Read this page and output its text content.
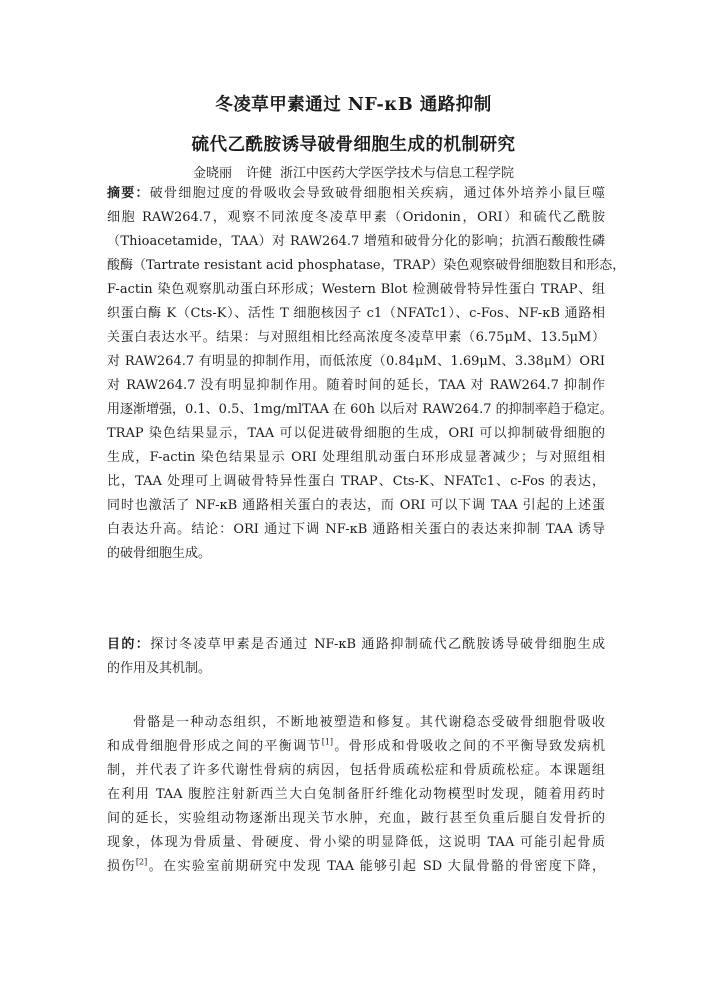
冬凌草甲素通过 NF-κB 通路抑制
硫代乙酰胺诱导破骨细胞生成的机制研究
金晓丽 许健 浙江中医药大学医学技术与信息工程学院
摘要：破骨细胞过度的骨吸收会导致破骨细胞相关疾病，通过体外培养小鼠巨噬
细胞 RAW264.7，观察不同浓度冬凌草甲素（Oridonin，ORI）和硫代乙酰胺
（Thioacetamide，TAA）对 RAW264.7 增殖和破骨分化的影响；抗酒石酸酸性磷
酸酶（Tartrate resistant acid phosphatase，TRAP）染色观察破骨细胞数目和形态，
F-actin 染色观察肌动蛋白环形成；Western Blot 检测破骨特异性蛋白 TRAP、组
织蛋白酶 K（Cts-K）、活性 T 细胞核因子 c1（NFATc1）、c-Fos、NF-κB 通路相
关蛋白表达水平。结果：与对照组相比经高浓度冬凌草甲素（6.75μM、13.5μM）
对 RAW264.7 有明显的抑制作用，而低浓度（0.84μM、1.69μM、3.38μM）ORI
对 RAW264.7 没有明显抑制作用。随着时间的延长，TAA 对 RAW264.7 抑制作
用逐渐增强，0.1、0.5、1mg/mlTAA 在 60h 以后对 RAW264.7 的抑制率趋于稳定。
TRAP 染色结果显示，TAA 可以促进破骨细胞的生成，ORI 可以抑制破骨细胞的
生成，F-actin 染色结果显示 ORI 处理组肌动蛋白环形成显著减少；与对照组相
比，TAA 处理可上调破骨特异性蛋白 TRAP、Cts-K、NFATc1、c-Fos 的表达，
同时也激活了 NF-κB 通路相关蛋白的表达，而 ORI 可以下调 TAA 引起的上述蛋
白表达升高。结论：ORI 通过下调 NF-κB 通路相关蛋白的表达来抑制 TAA 诱导
的破骨细胞生成。
目的：探讨冬凌草甲素是否通过 NF-κB 通路抑制硫代乙酰胺诱导破骨细胞生成
的作用及其机制。
骨骼是一种动态组织，不断地被塑造和修复。其代谢稳态受破骨细胞骨吸收
和成骨细胞骨形成之间的平衡调节[1]。骨形成和骨吸收之间的不平衡导致发病机
制，并代表了许多代谢性骨病的病因，包括骨质疏松症和骨质疏松症。本课题组
在利用 TAA 腹腔注射新西兰大白兔制备肝纤维化动物模型时发现，随着用药时
间的延长，实验组动物逐渐出现关节水肿，充血，跛行甚至负重后腿自发骨折的
现象，体现为骨质量、骨硬度、骨小梁的明显降低，这说明 TAA 可能引起骨质
损伤[2]。在实验室前期研究中发现 TAA 能够引起 SD 大鼠骨骼的骨密度下降，
